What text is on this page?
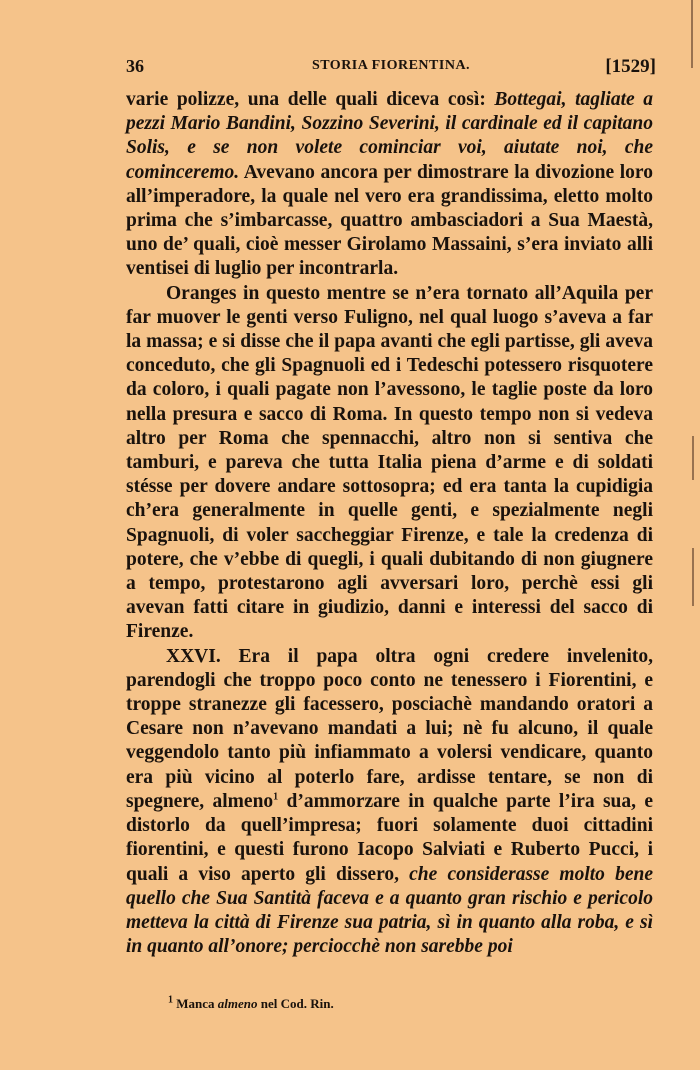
36	STORIA FIORENTINA.	[1529]

varie polizze, una delle quali diceva così: Bottegai, tagliate a pezzi Mario Bandini, Sozzino Severini, il cardinale ed il capitano Solis, e se non volete cominciar voi, aiutate noi, che cominceremo. Avevano ancora per dimostrare la divozione loro all’imperadore, la quale nel vero era grandissima, eletto molto prima che s’imbarcasse, quattro ambasciadori a Sua Maestà, uno de’ quali, cioè messer Girolamo Massaini, s’era inviato alli ventisei di luglio per incontrarla.

Oranges in questo mentre se n’era tornato all’Aquila per far muover le genti verso Fuligno, nel qual luogo s’aveva a far la massa; e si disse che il papa avanti che egli partisse, gli aveva conceduto, che gli Spagnuoli ed i Tedeschi potessero risquotere da coloro, i quali pagate non l’avessono, le taglie poste da loro nella presura e sacco di Roma. In questo tempo non si vedeva altro per Roma che spennacchi, altro non si sentiva che tamburi, e pareva che tutta Italia piena d’arme e di soldati stésse per dovere andare sottosopra; ed era tanta la cupidigia ch’era generalmente in quelle genti, e spezialmente negli Spagnuoli, di voler saccheggiar Firenze, e tale la credenza di potere, che v’ebbe di quegli, i quali dubitando di non giugnere a tempo, protestarono agli avversari loro, perchè essi gli avevan fatti citare in giudizio, danni e interessi del sacco di Firenze.

XXVI. Era il papa oltra ogni credere invelenito, parendogli che troppo poco conto ne tenessero i Fiorentini, e troppe stranezze gli facessero, posciachè mandando oratori a Cesare non n’avevano mandati a lui; nè fu alcuno, il quale veggendolo tanto più infiammato a volersi vendicare, quanto era più vicino al poterlo fare, ardisse tentare, se non di spegnere, almeno$^1$ d’ammorzare in qualche parte l’ira sua, e distorlo da quell’impresa; fuori solamente duoi cittadini fiorentini, e questi furono Iacopo Salviati e Ruberto Pucci, i quali a viso aperto gli dissero, che considerasse molto bene quello che Sua Santità faceva e a quanto gran rischio e pericolo metteva la città di Firenze sua patria, sì in quanto alla roba, e sì in quanto all’onore; perciocchè non sarebbe poi

$^1$ Manca almeno nel Cod. Rin.
